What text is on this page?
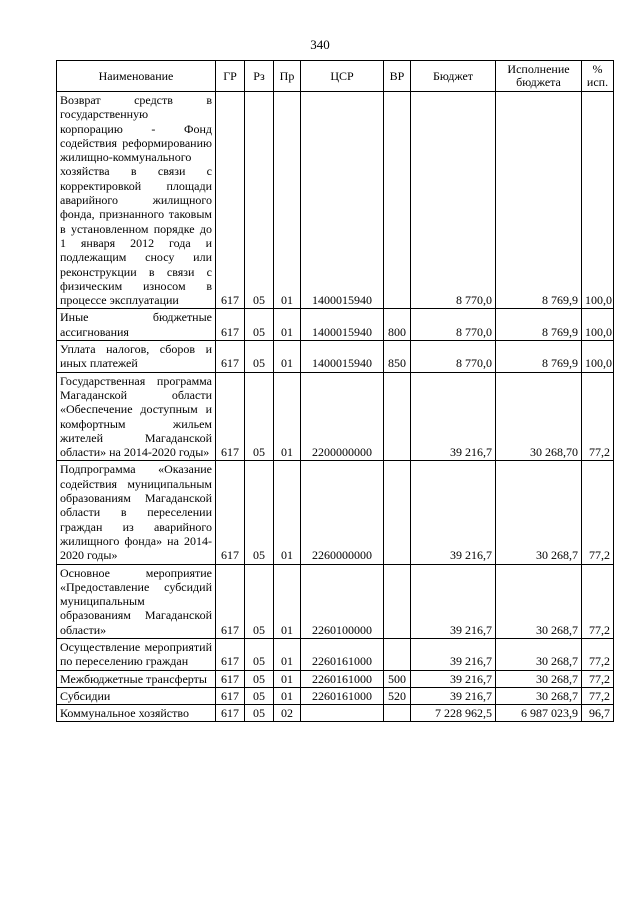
340
Наименование	ГР	Рз	Пр	ЦСР	ВР	Бюджет	Исполнение бюджета	% исп.
Возврат средств в государственную корпорацию - Фонд содействия реформированию жилищно-коммунального хозяйства в связи с корректировкой площади аварийного жилищного фонда, признанного таковым в установленном порядке до 1 января 2012 года и подлежащим сносу или реконструкции в связи с физическим износом в процессе эксплуатации	617	05	01	1400015940		8 770,0	8 769,9	100,0
Иные бюджетные ассигнования	617	05	01	1400015940	800	8 770,0	8 769,9	100,0
Уплата налогов, сборов и иных платежей	617	05	01	1400015940	850	8 770,0	8 769,9	100,0
Государственная программа Магаданской области «Обеспечение доступным и комфортным жильем жителей Магаданской области» на 2014-2020 годы»	617	05	01	2200000000		39 216,7	30 268,70	77,2
Подпрограмма «Оказание содействия муниципальным образованиям Магаданской области в переселении граждан из аварийного жилищного фонда» на 2014-2020 годы»	617	05	01	2260000000		39 216,7	30 268,7	77,2
Основное мероприятие «Предоставление субсидий муниципальным образованиям Магаданской области»	617	05	01	2260100000		39 216,7	30 268,7	77,2
Осуществление мероприятий по переселению граждан	617	05	01	2260161000		39 216,7	30 268,7	77,2
Межбюджетные трансферты	617	05	01	2260161000	500	39 216,7	30 268,7	77,2
Субсидии	617	05	01	2260161000	520	39 216,7	30 268,7	77,2
Коммунальное хозяйство	617	05	02			7 228 962,5	6 987 023,9	96,7
